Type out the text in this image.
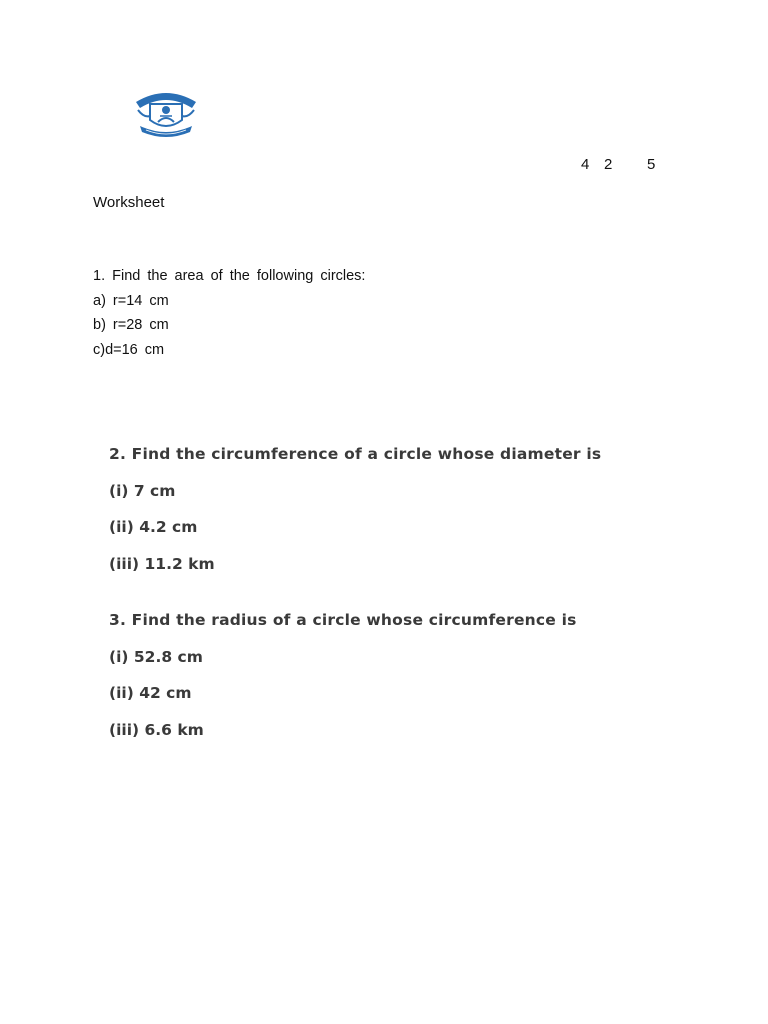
4 2 5
Worksheet
1. Find the area of the following circles:
a) r=14 cm
b) r=28 cm
c)d=16 cm
2. Find the circumference of a circle whose diameter is
(i) 7 cm
(ii) 4.2 cm
(iii) 11.2 km
3. Find the radius of a circle whose circumference is
(i) 52.8 cm
(ii) 42 cm
(iii) 6.6 km
